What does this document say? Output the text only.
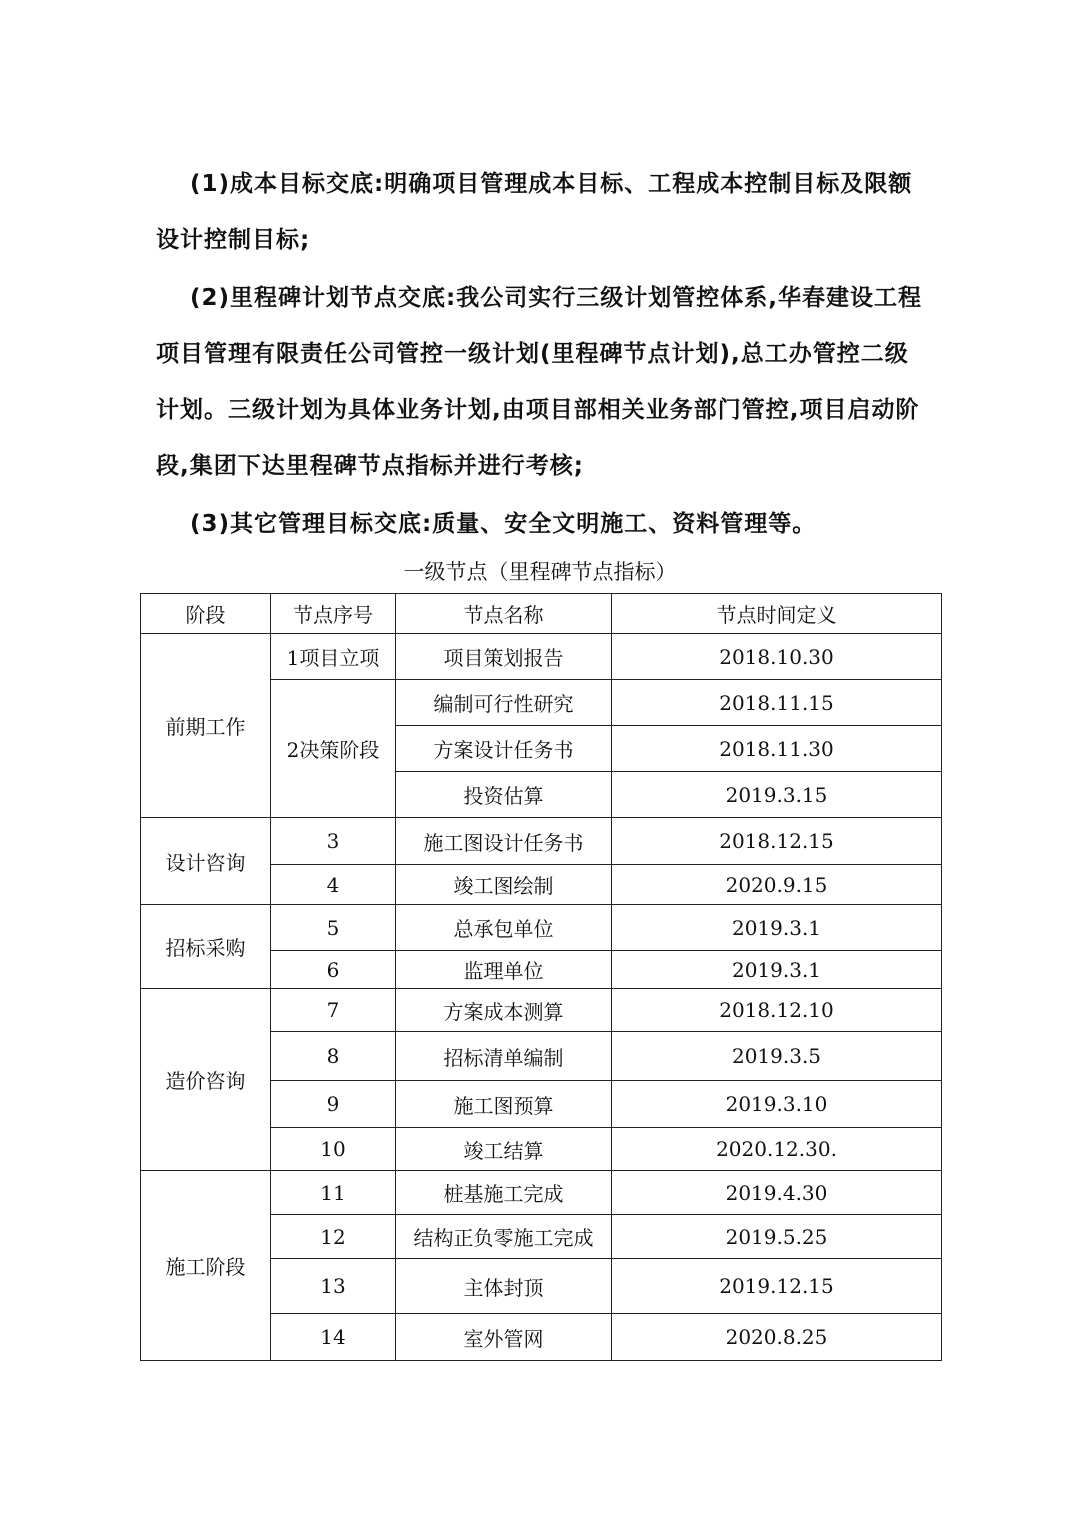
(1)成本目标交底:明确项目管理成本目标、工程成本控制目标及限额设计控制目标;

(2)里程碑计划节点交底:我公司实行三级计划管控体系,华春建设工程项目管理有限责任公司管控一级计划(里程碑节点计划),总工办管控二级计划。三级计划为具体业务计划,由项目部相关业务部门管控,项目启动阶段,集团下达里程碑节点指标并进行考核;

(3)其它管理目标交底:质量、安全文明施工、资料管理等。

一级节点（里程碑节点指标）
阶段	节点序号	节点名称	节点时间定义
前期工作	1项目立项	项目策划报告	2018.10.30
	2决策阶段	编制可行性研究	2018.11.15
		方案设计任务书	2018.11.30
		投资估算	2019.3.15
设计咨询	3	施工图设计任务书	2018.12.15
	4	竣工图绘制	2020.9.15
招标采购	5	总承包单位	2019.3.1
	6	监理单位	2019.3.1
造价咨询	7	方案成本测算	2018.12.10
	8	招标清单编制	2019.3.5
	9	施工图预算	2019.3.10
	10	竣工结算	2020.12.30.
施工阶段	11	桩基施工完成	2019.4.30
	12	结构正负零施工完成	2019.5.25
	13	主体封顶	2019.12.15
	14	室外管网	2020.8.25
